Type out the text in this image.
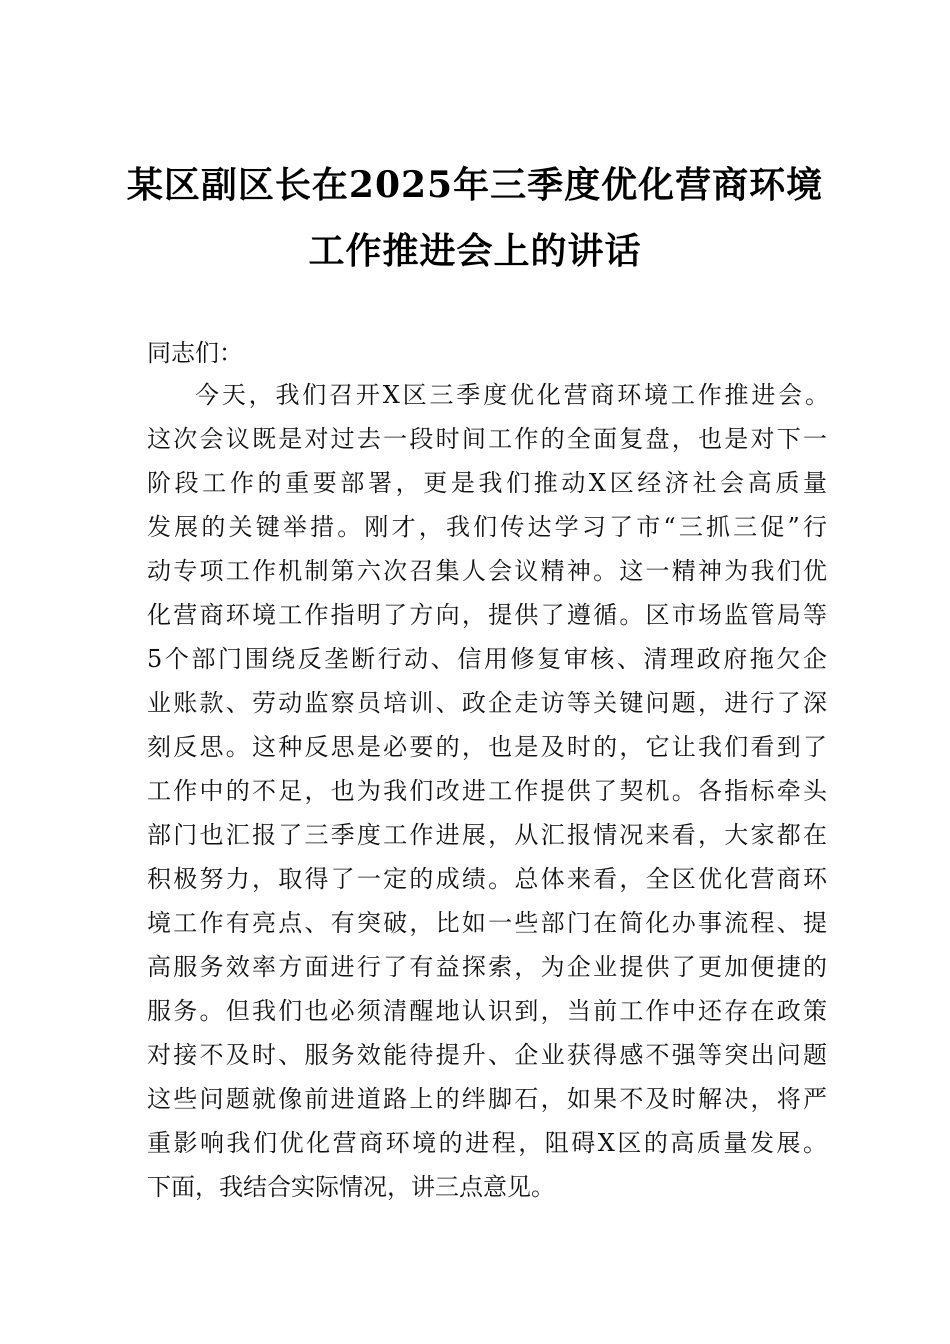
某区副区长在2025年三季度优化营商环境
工作推进会上的讲话
同志们：
今天，我们召开X区三季度优化营商环境工作推进会。
这次会议既是对过去一段时间工作的全面复盘，也是对下一
阶段工作的重要部署，更是我们推动X区经济社会高质量
发展的关键举措。刚才，我们传达学习了市“三抓三促”行
动专项工作机制第六次召集人会议精神。这一精神为我们优
化营商环境工作指明了方向，提供了遵循。区市场监管局等
5个部门围绕反垄断行动、信用修复审核、清理政府拖欠企
业账款、劳动监察员培训、政企走访等关键问题，进行了深
刻反思。这种反思是必要的，也是及时的，它让我们看到了
工作中的不足，也为我们改进工作提供了契机。各指标牵头
部门也汇报了三季度工作进展，从汇报情况来看，大家都在
积极努力，取得了一定的成绩。总体来看，全区优化营商环
境工作有亮点、有突破，比如一些部门在简化办事流程、提
高服务效率方面进行了有益探索，为企业提供了更加便捷的
服务。但我们也必须清醒地认识到，当前工作中还存在政策
对接不及时、服务效能待提升、企业获得感不强等突出问题
这些问题就像前进道路上的绊脚石，如果不及时解决，将严
重影响我们优化营商环境的进程，阻碍X区的高质量发展。
下面，我结合实际情况，讲三点意见。
